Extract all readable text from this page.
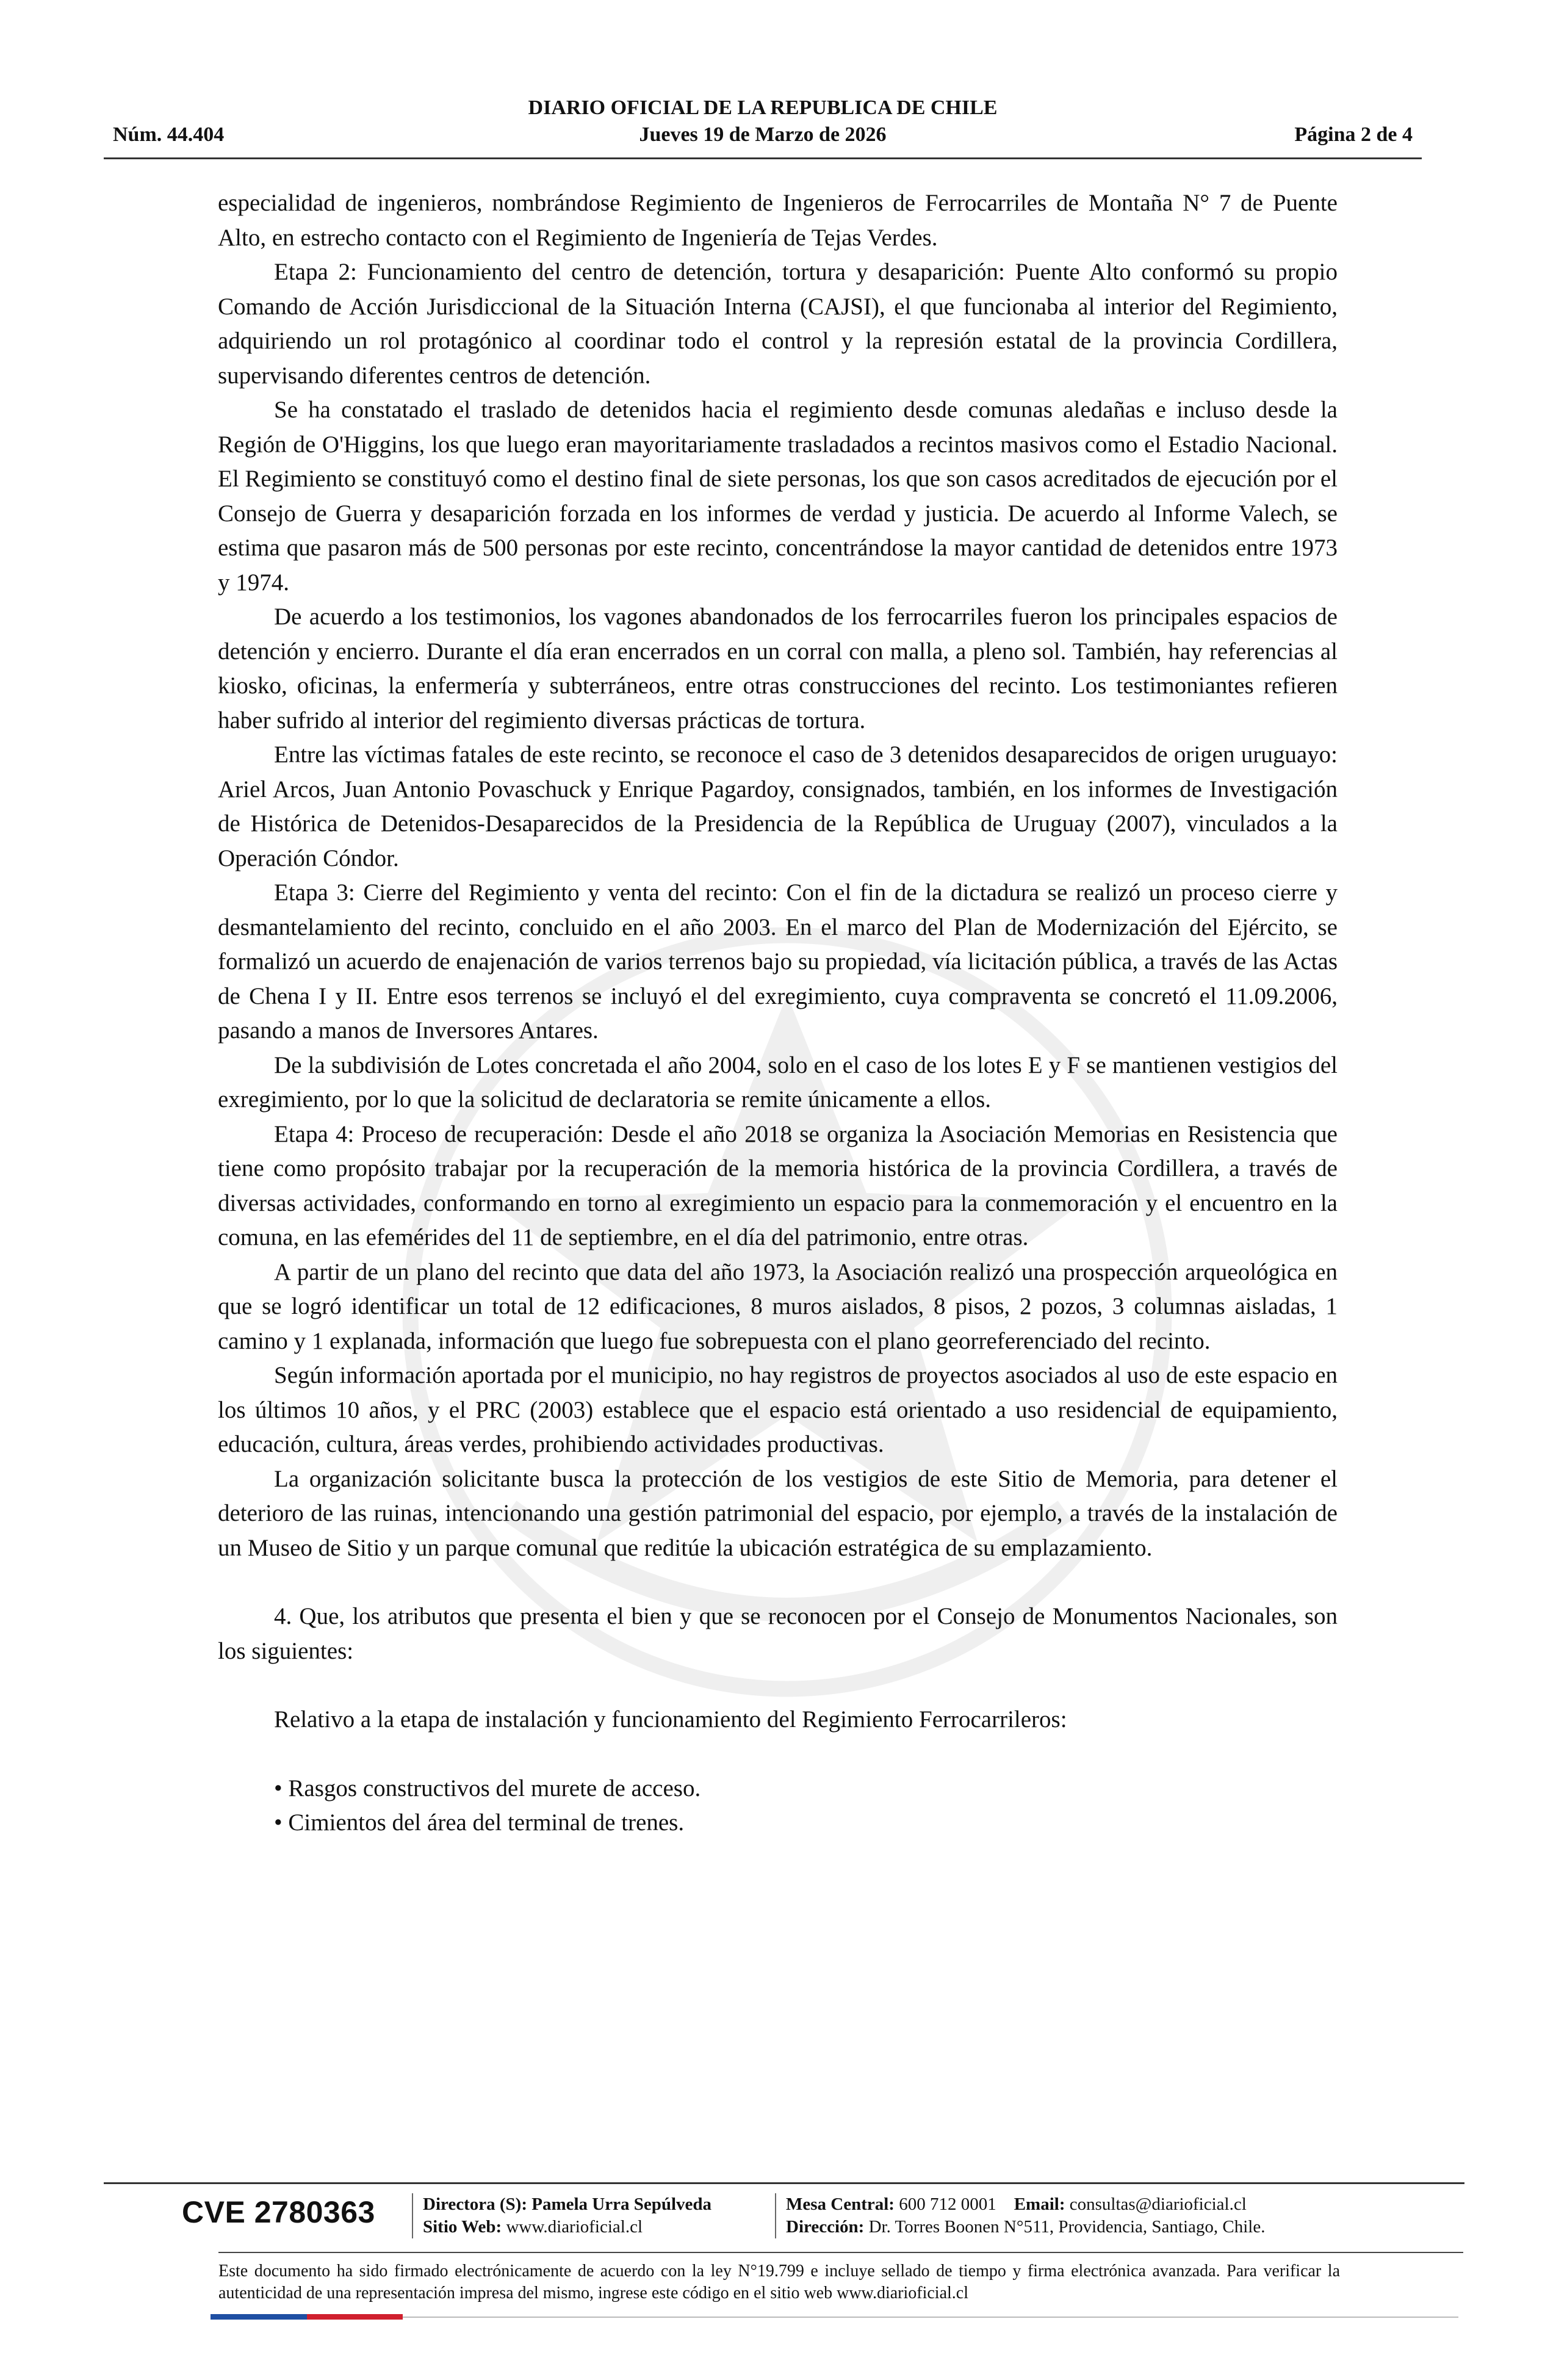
DIARIO OFICIAL DE LA REPUBLICA DE CHILE
Núm. 44.404	Jueves 19 de Marzo de 2026	Página 2 de 4

especialidad de ingenieros, nombrándose Regimiento de Ingenieros de Ferrocarriles de Montaña N° 7 de Puente Alto, en estrecho contacto con el Regimiento de Ingeniería de Tejas Verdes.

Etapa 2: Funcionamiento del centro de detención, tortura y desaparición: Puente Alto conformó su propio Comando de Acción Jurisdiccional de la Situación Interna (CAJSI), el que funcionaba al interior del Regimiento, adquiriendo un rol protagónico al coordinar todo el control y la represión estatal de la provincia Cordillera, supervisando diferentes centros de detención.

Se ha constatado el traslado de detenidos hacia el regimiento desde comunas aledañas e incluso desde la Región de O'Higgins, los que luego eran mayoritariamente trasladados a recintos masivos como el Estadio Nacional. El Regimiento se constituyó como el destino final de siete personas, los que son casos acreditados de ejecución por el Consejo de Guerra y desaparición forzada en los informes de verdad y justicia. De acuerdo al Informe Valech, se estima que pasaron más de 500 personas por este recinto, concentrándose la mayor cantidad de detenidos entre 1973 y 1974.

De acuerdo a los testimonios, los vagones abandonados de los ferrocarriles fueron los principales espacios de detención y encierro. Durante el día eran encerrados en un corral con malla, a pleno sol. También, hay referencias al kiosko, oficinas, la enfermería y subterráneos, entre otras construcciones del recinto. Los testimoniantes refieren haber sufrido al interior del regimiento diversas prácticas de tortura.

Entre las víctimas fatales de este recinto, se reconoce el caso de 3 detenidos desaparecidos de origen uruguayo: Ariel Arcos, Juan Antonio Povaschuck y Enrique Pagardoy, consignados, también, en los informes de Investigación de Histórica de Detenidos-Desaparecidos de la Presidencia de la República de Uruguay (2007), vinculados a la Operación Cóndor.

Etapa 3: Cierre del Regimiento y venta del recinto: Con el fin de la dictadura se realizó un proceso cierre y desmantelamiento del recinto, concluido en el año 2003. En el marco del Plan de Modernización del Ejército, se formalizó un acuerdo de enajenación de varios terrenos bajo su propiedad, vía licitación pública, a través de las Actas de Chena I y II. Entre esos terrenos se incluyó el del exregimiento, cuya compraventa se concretó el 11.09.2006, pasando a manos de Inversores Antares.

De la subdivisión de Lotes concretada el año 2004, solo en el caso de los lotes E y F se mantienen vestigios del exregimiento, por lo que la solicitud de declaratoria se remite únicamente a ellos.

Etapa 4: Proceso de recuperación: Desde el año 2018 se organiza la Asociación Memorias en Resistencia que tiene como propósito trabajar por la recuperación de la memoria histórica de la provincia Cordillera, a través de diversas actividades, conformando en torno al exregimiento un espacio para la conmemoración y el encuentro en la comuna, en las efemérides del 11 de septiembre, en el día del patrimonio, entre otras.

A partir de un plano del recinto que data del año 1973, la Asociación realizó una prospección arqueológica en que se logró identificar un total de 12 edificaciones, 8 muros aislados, 8 pisos, 2 pozos, 3 columnas aisladas, 1 camino y 1 explanada, información que luego fue sobrepuesta con el plano georreferenciado del recinto.

Según información aportada por el municipio, no hay registros de proyectos asociados al uso de este espacio en los últimos 10 años, y el PRC (2003) establece que el espacio está orientado a uso residencial de equipamiento, educación, cultura, áreas verdes, prohibiendo actividades productivas.

La organización solicitante busca la protección de los vestigios de este Sitio de Memoria, para detener el deterioro de las ruinas, intencionando una gestión patrimonial del espacio, por ejemplo, a través de la instalación de un Museo de Sitio y un parque comunal que reditúe la ubicación estratégica de su emplazamiento.

4. Que, los atributos que presenta el bien y que se reconocen por el Consejo de Monumentos Nacionales, son los siguientes:

Relativo a la etapa de instalación y funcionamiento del Regimiento Ferrocarrileros:

• Rasgos constructivos del murete de acceso.

• Cimientos del área del terminal de trenes.

CVE 2780363	Directora (S): Pamela Urra Sepúlveda
Sitio Web: www.diarioficial.cl
Mesa Central: 600 712 0001 Email: consultas@diarioficial.cl
Dirección: Dr. Torres Boonen N°511, Providencia, Santiago, Chile.
Este documento ha sido firmado electrónicamente de acuerdo con la ley N°19.799 e incluye sellado de tiempo y firma electrónica avanzada. Para verificar la autenticidad de una representación impresa del mismo, ingrese este código en el sitio web www.diarioficial.cl
